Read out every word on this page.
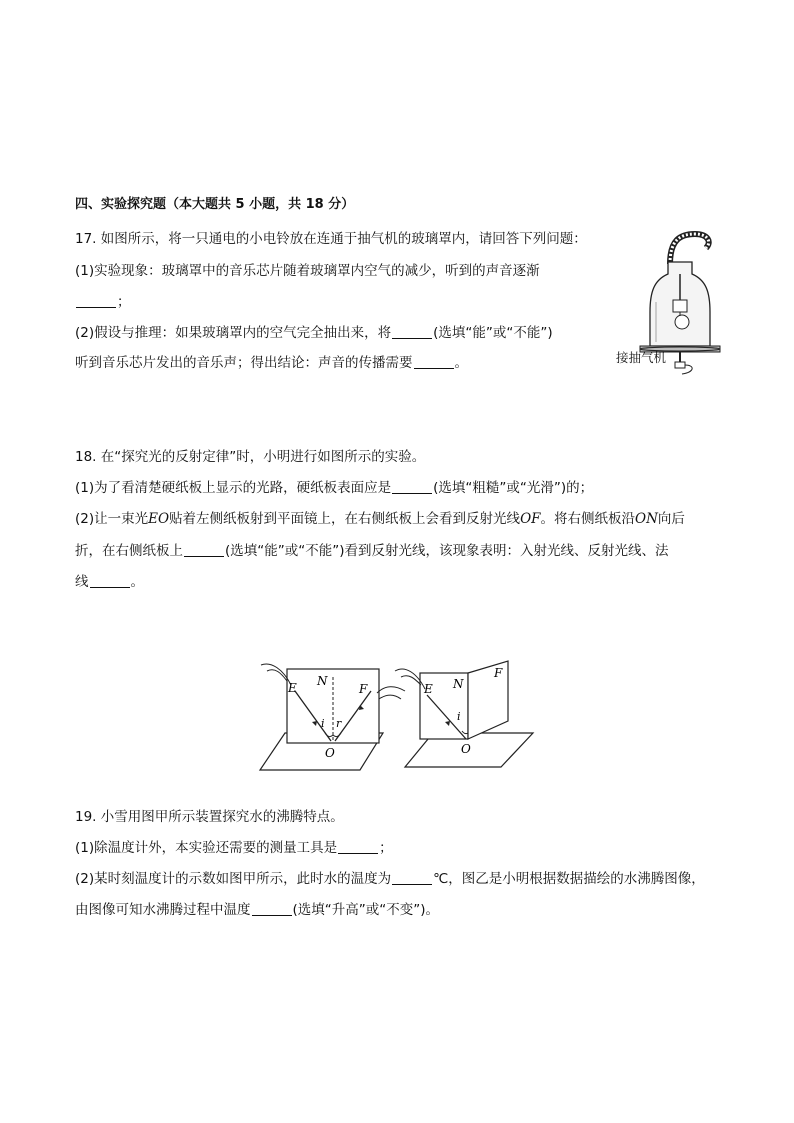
四、实验探究题（本大题共 5 小题，共 18 分）
17. 如图所示，将一只通电的小电铃放在连通于抽气机的玻璃罩内，请回答下列问题：
(1)实验现象：玻璃罩中的音乐芯片随着玻璃罩内空气的减少，听到的声音逐渐
；
(2)假设与推理：如果玻璃罩内的空气完全抽出来，将	(选填“能”或“不能”)
听到音乐芯片发出的音乐声；得出结论：声音的传播需要	。	接抽气机
18. 在“探究光的反射定律”时，小明进行如图所示的实验。
(1)为了看清楚硬纸板上显示的光路，硬纸板表面应是	(选填“粗糙”或“光滑”)的；
(2)让一束光EO贴着左侧纸板射到平面镜上，在右侧纸板上会看到反射光线OF。将右侧纸板沿ON向后
折，在右侧纸板上	(选填“能”或“不能”)看到反射光线，该现象表明：入射光线、反射光线、法
线	。
E N
F
i r
O
E N
F
i
O
19. 小雪用图甲所示装置探究水的沸腾特点。
(1)除温度计外，本实验还需要的测量工具是	；
(2)某时刻温度计的示数如图甲所示，此时水的温度为	℃，图乙是小明根据数据描绘的水沸腾图像，
由图像可知水沸腾过程中温度	(选填“升高”或“不变”)。
